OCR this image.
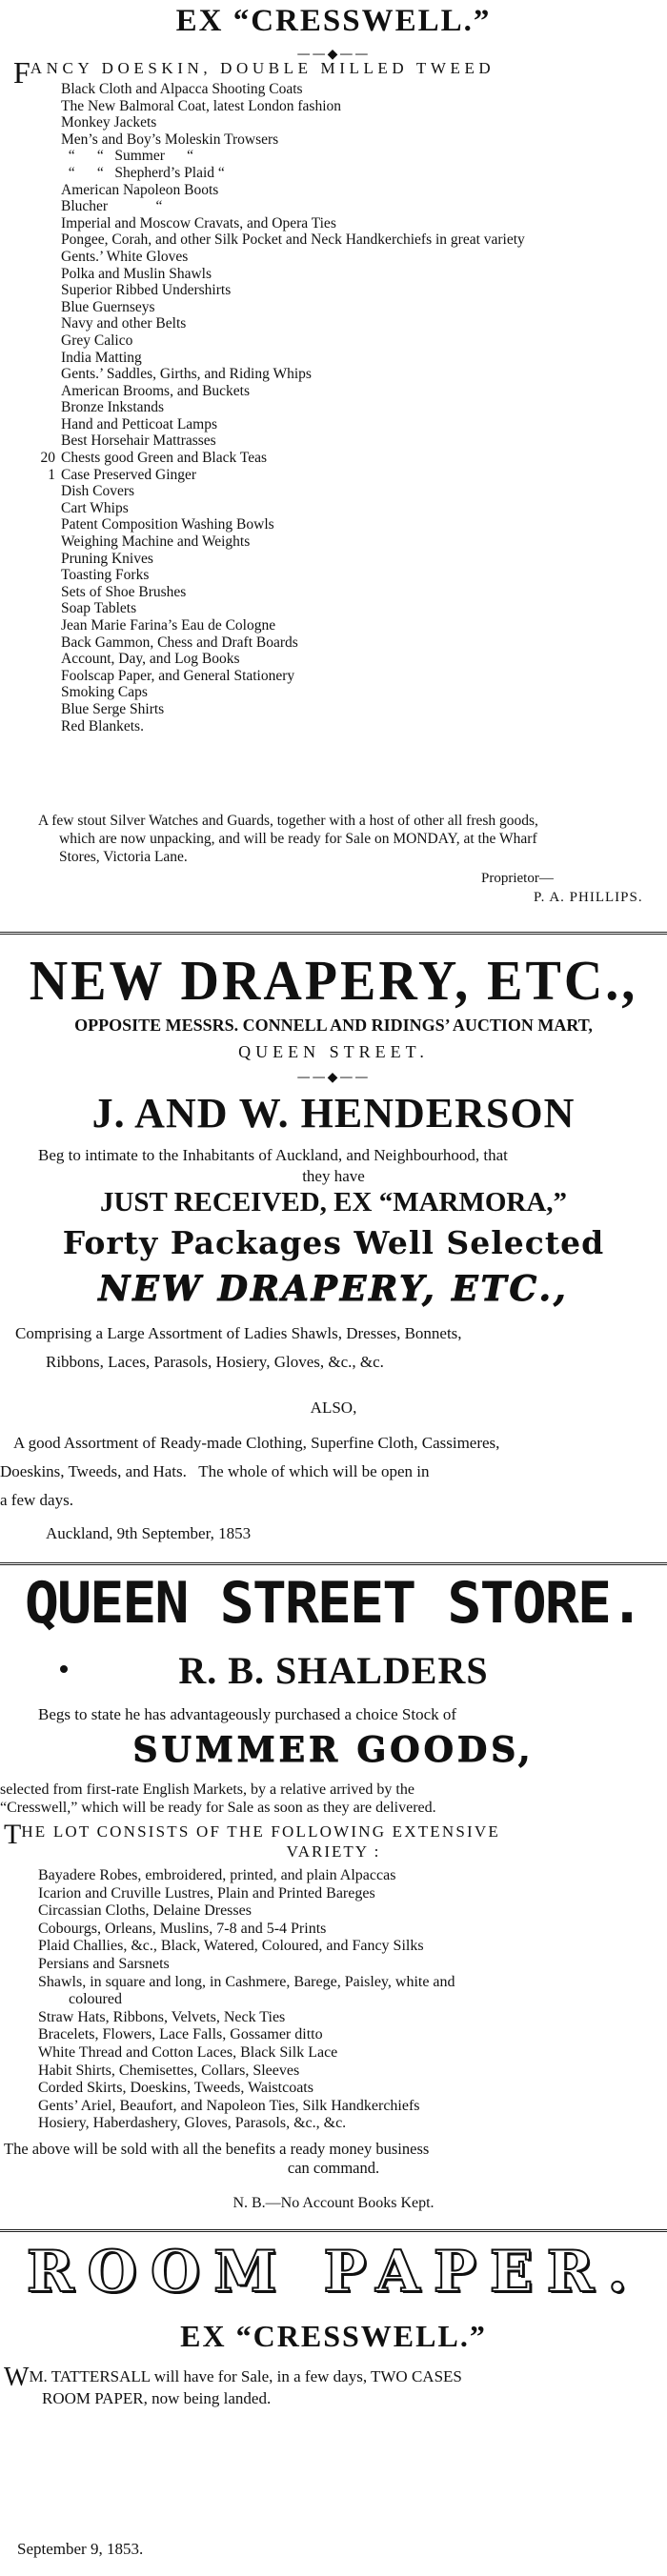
EX “CRESSWELL.”
——◆——
FANCY DOESKIN, DOUBLE MILLED TWEED
Black Cloth and Alpacca Shooting Coats
The New Balmoral Coat, latest London fashion
Monkey Jackets
Men’s and Boy’s Moleskin Trowsers
“      “   Summer      “
“      “   Shepherd’s Plaid “
American Napoleon Boots
Blucher             “
Imperial and Moscow Cravats, and Opera Ties
Pongee, Corah, and other Silk Pocket and Neck Handkerchiefs in great variety
Gents.’ White Gloves
Polka and Muslin Shawls
Superior Ribbed Undershirts
Blue Guernseys
Navy and other Belts
Grey Calico
India Matting
Gents.’ Saddles, Girths, and Riding Whips
American Brooms, and Buckets
Bronze Inkstands
Hand and Petticoat Lamps
Best Horsehair Mattrasses
20 Chests good Green and Black Teas
1 Case Preserved Ginger
Dish Covers
Cart Whips
Patent Composition Washing Bowls
Weighing Machine and Weights
Pruning Knives
Toasting Forks
Sets of Shoe Brushes
Soap Tablets
Jean Marie Farina’s Eau de Cologne
Back Gammon, Chess and Draft Boards
Account, Day, and Log Books
Foolscap Paper, and General Stationery
Smoking Caps
Blue Serge Shirts
Red Blankets.
A few stout Silver Watches and Guards, together with a host of other all fresh goods,
which are now unpacking, and will be ready for Sale on MONDAY, at the Wharf
Stores, Victoria Lane.
Proprietor—
P. A. PHILLIPS.
NEW DRAPERY, ETC.,
OPPOSITE MESSRS. CONNELL AND RIDINGS’ AUCTION MART,
QUEEN STREET.
——◆——
J. AND W. HENDERSON
Beg to intimate to the Inhabitants of Auckland, and Neighbourhood, that
they have
JUST RECEIVED, EX “MARMORA,”
Forty Packages Well Selected
NEW DRAPERY, ETC.,
Comprising a Large Assortment of Ladies Shawls, Dresses, Bonnets,
Ribbons, Laces, Parasols, Hosiery, Gloves, &c., &c.
ALSO,
A good Assortment of Ready-made Clothing, Superfine Cloth, Cassimeres,
Doeskins, Tweeds, and Hats.   The whole of which will be open in
a few days.
Auckland, 9th September, 1853
QUEEN STREET STORE.
R. B. SHALDERS
Begs to state he has advantageously purchased a choice Stock of
SUMMER GOODS,
selected from first-rate English Markets, by a relative arrived by the
“Cresswell,” which will be ready for Sale as soon as they are delivered.
THE LOT CONSISTS OF THE FOLLOWING EXTENSIVE
VARIETY :
Bayadere Robes, embroidered, printed, and plain Alpaccas
Icarion and Cruville Lustres, Plain and Printed Bareges
Circassian Cloths, Delaine Dresses
Cobourgs, Orleans, Muslins, 7-8 and 5-4 Prints
Plaid Challies, &c., Black, Watered, Coloured, and Fancy Silks
Persians and Sarsnets
Shawls, in square and long, in Cashmere, Barege, Paisley, white and
coloured
Straw Hats, Ribbons, Velvets, Neck Ties
Bracelets, Flowers, Lace Falls, Gossamer ditto
White Thread and Cotton Laces, Black Silk Lace
Habit Shirts, Chemisettes, Collars, Sleeves
Corded Skirts, Doeskins, Tweeds, Waistcoats
Gents’ Ariel, Beaufort, and Napoleon Ties, Silk Handkerchiefs
Hosiery, Haberdashery, Gloves, Parasols, &c., &c.
The above will be sold with all the benefits a ready money business
can command.
N. B.—No Account Books Kept.
ROOM PAPER.
EX “CRESSWELL.”
WM. TATTERSALL will have for Sale, in a few days, TWO CASES
ROOM PAPER, now being landed.
September 9, 1853.
